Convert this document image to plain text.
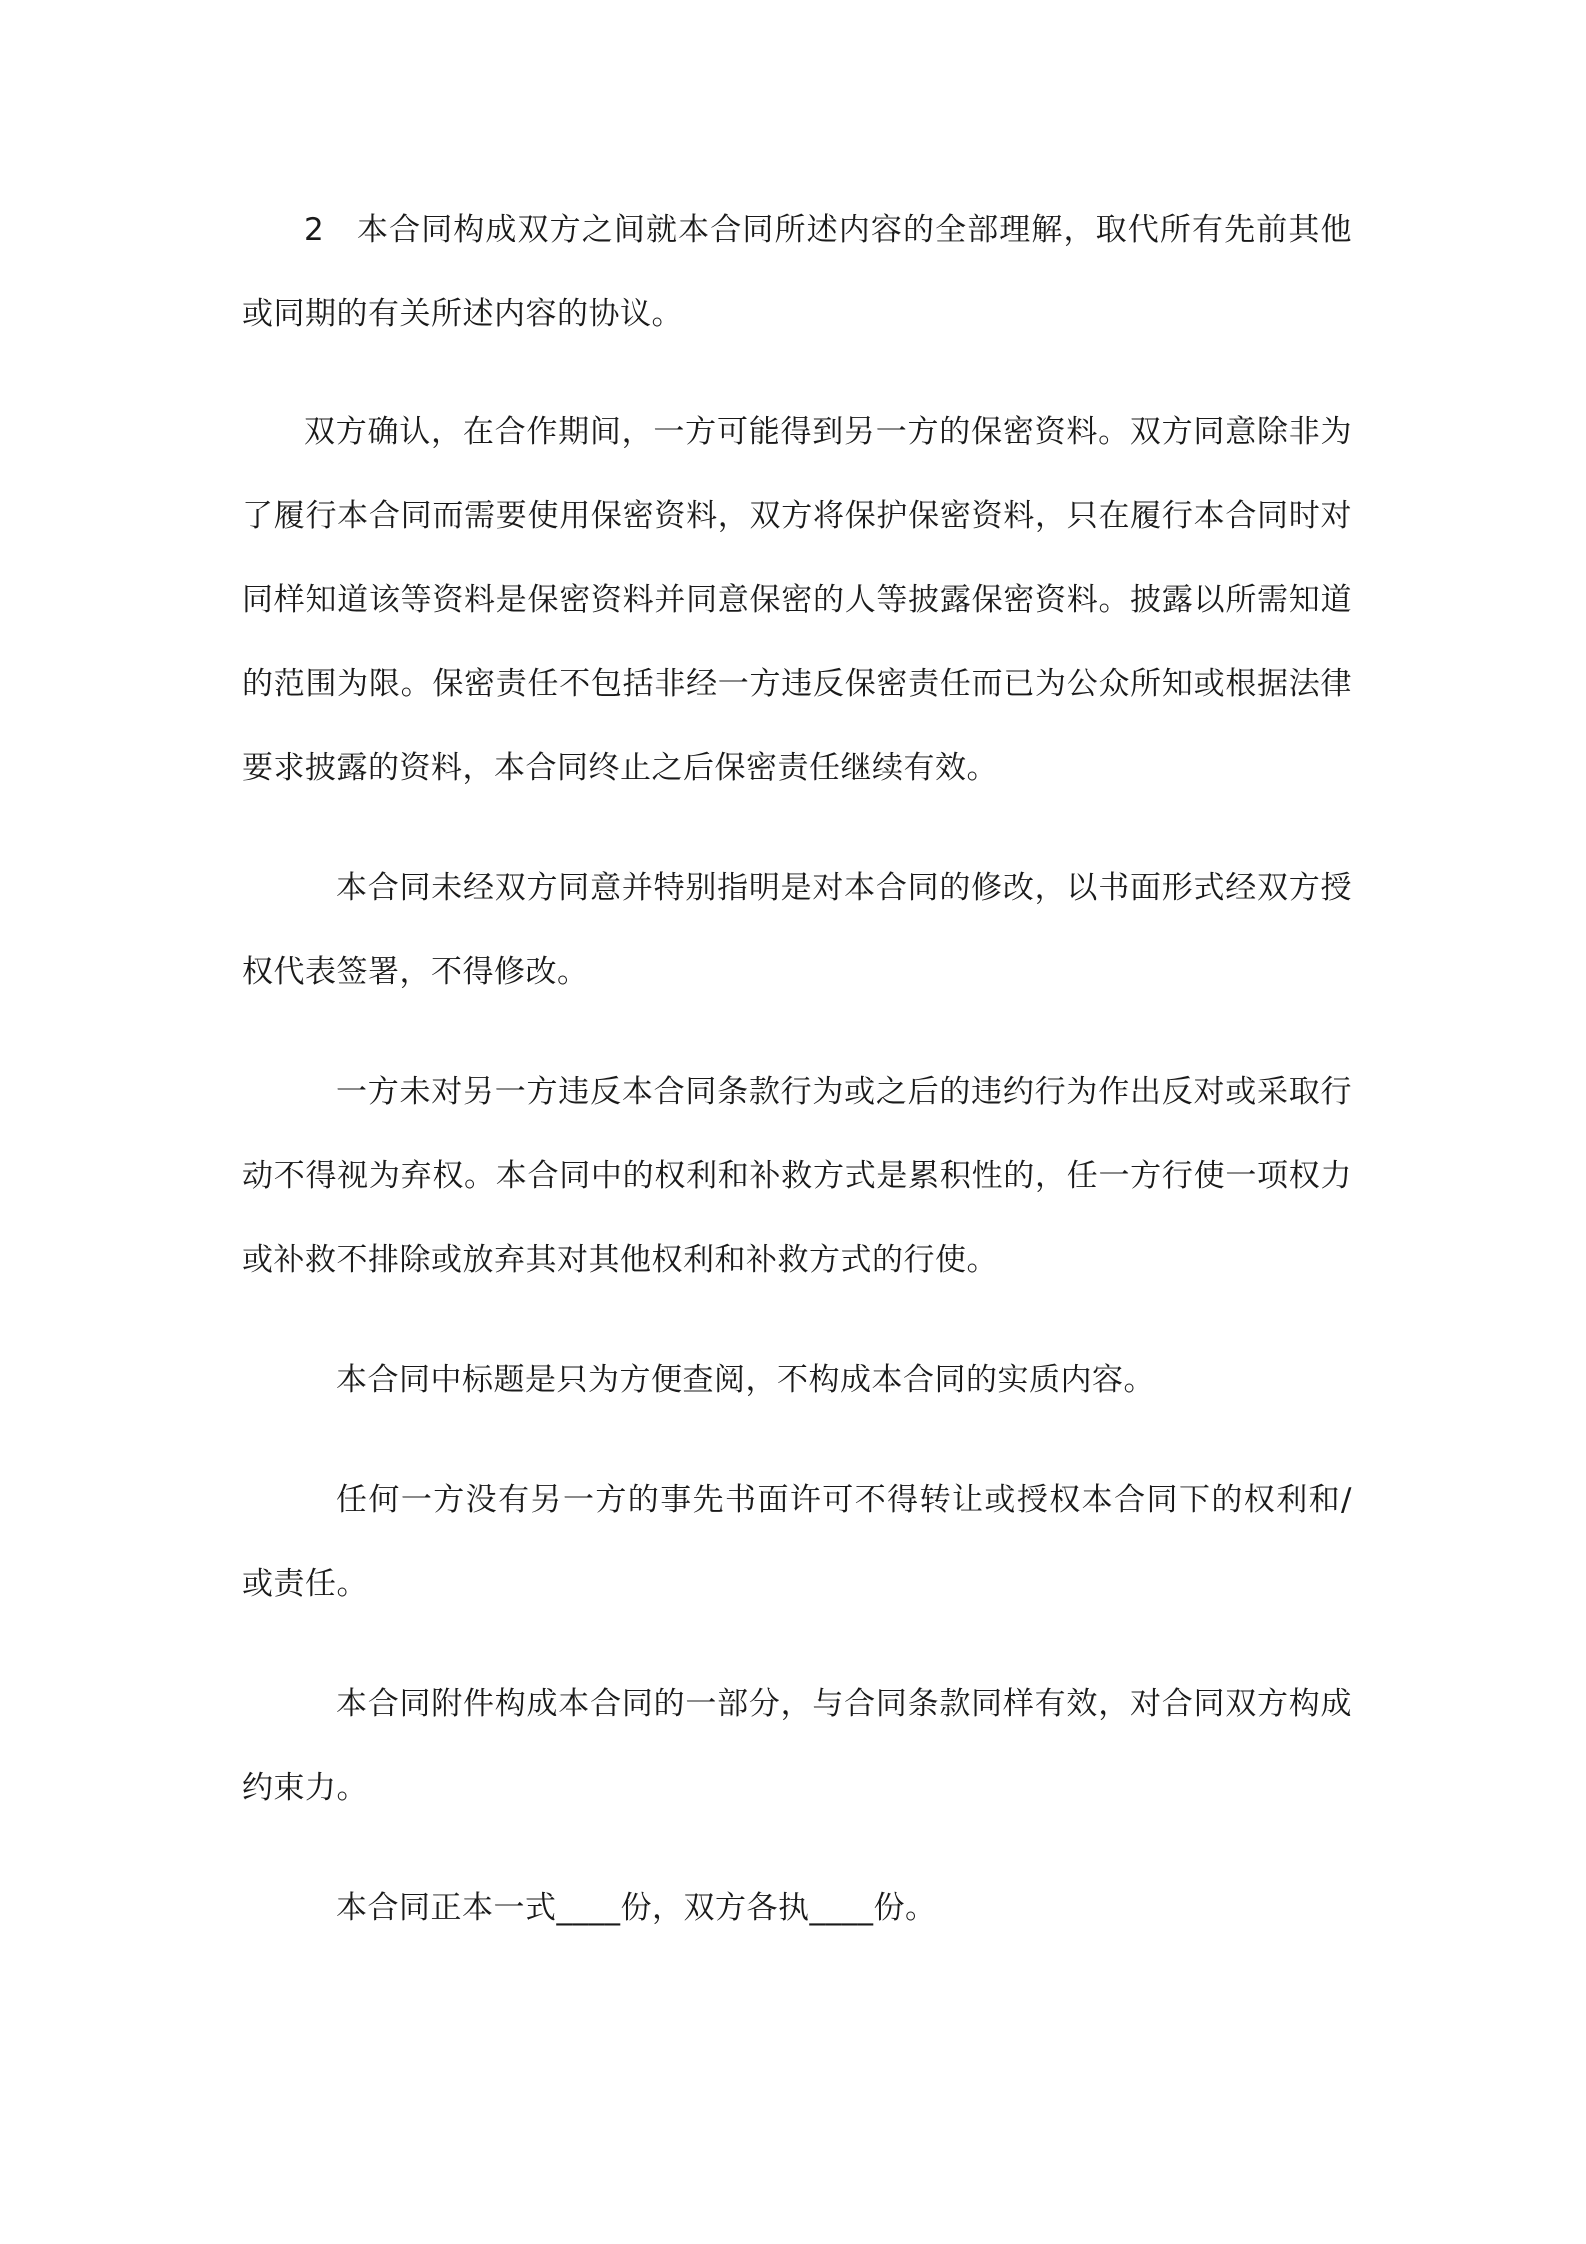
2　本合同构成双方之间就本合同所述内容的全部理解，取代所有先前其他或同期的有关所述内容的协议。

双方确认，在合作期间，一方可能得到另一方的保密资料。双方同意除非为了履行本合同而需要使用保密资料，双方将保护保密资料，只在履行本合同时对同样知道该等资料是保密资料并同意保密的人等披露保密资料。披露以所需知道的范围为限。保密责任不包括非经一方违反保密责任而已为公众所知或根据法律要求披露的资料，本合同终止之后保密责任继续有效。

本合同未经双方同意并特别指明是对本合同的修改，以书面形式经双方授权代表签署，不得修改。

一方未对另一方违反本合同条款行为或之后的违约行为作出反对或采取行动不得视为弃权。本合同中的权利和补救方式是累积性的，任一方行使一项权力或补救不排除或放弃其对其他权利和补救方式的行使。

本合同中标题是只为方便查阅，不构成本合同的实质内容。

任何一方没有另一方的事先书面许可不得转让或授权本合同下的权利和/或责任。

本合同附件构成本合同的一部分，与合同条款同样有效，对合同双方构成约束力。

本合同正本一式____份，双方各执____份。
